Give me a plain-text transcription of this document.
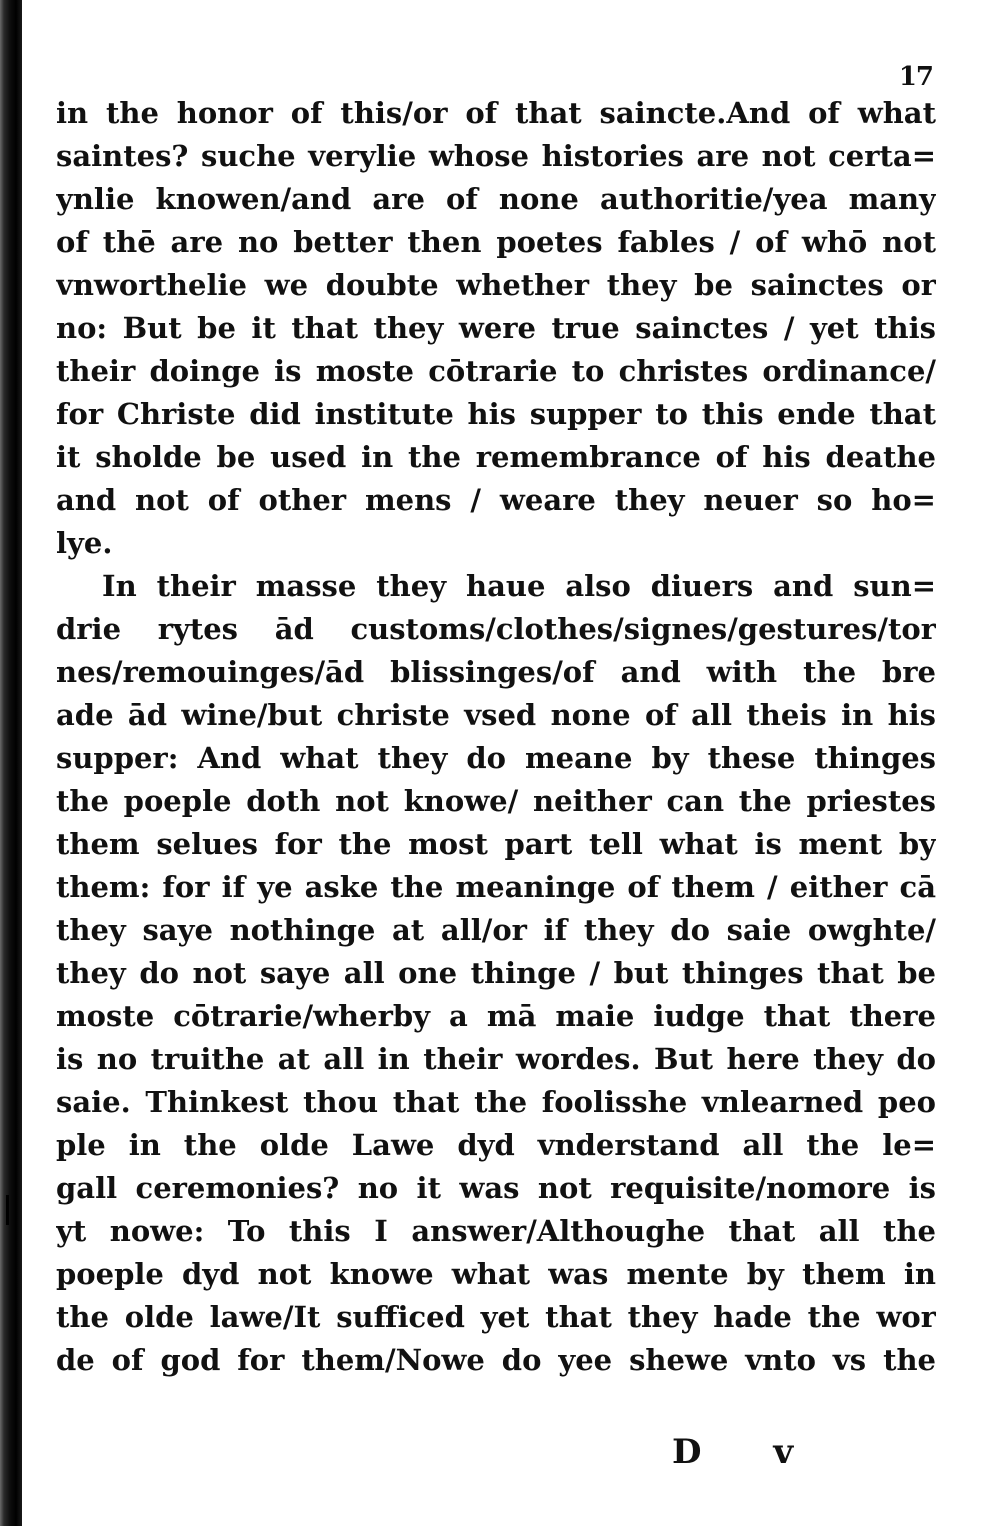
17
in the honor of this/or of that saincte.And of what
saintes? suche verylie whose histories are not certa=
ynlie knowen/and are of none authoritie/yea many
of thē are no better then poetes fables / of whō not
vnworthelie we doubte whether they be sainctes or
no: But be it that they were true sainctes / yet this
their doinge is moste cōtrarie to christes ordinance/
for Christe did institute his supper to this ende that
it sholde be used in the remembrance of his deathe
and not of other mens / weare they neuer so ho=
lye.
In their masse they haue also diuers and sun=
drie rytes ād customs/clothes/signes/gestures/tor
nes/remouinges/ād blissinges/of and with the bre
ade ād wine/but christe vsed none of all theis in his
supper: And what they do meane by these thinges
the poeple doth not knowe/ neither can the priestes
them selues for the most part tell what is ment by
them: for if ye aske the meaninge of them / either cā
they saye nothinge at all/or if they do saie owghte/
they do not saye all one thinge / but thinges that be
moste cōtrarie/wherby a mā maie iudge that there
is no truithe at all in their wordes. But here they do
saie. Thinkest thou that the foolisshe vnlearned peo
ple in the olde Lawe dyd vnderstand all the le=
gall ceremonies? no it was not requisite/nomore is
yt nowe: To this I answer/Althoughe that all the
poeple dyd not knowe what was mente by them in
the olde lawe/It sufficed yet that they hade the wor
de of god for them/Nowe do yee shewe vnto vs the
D v
